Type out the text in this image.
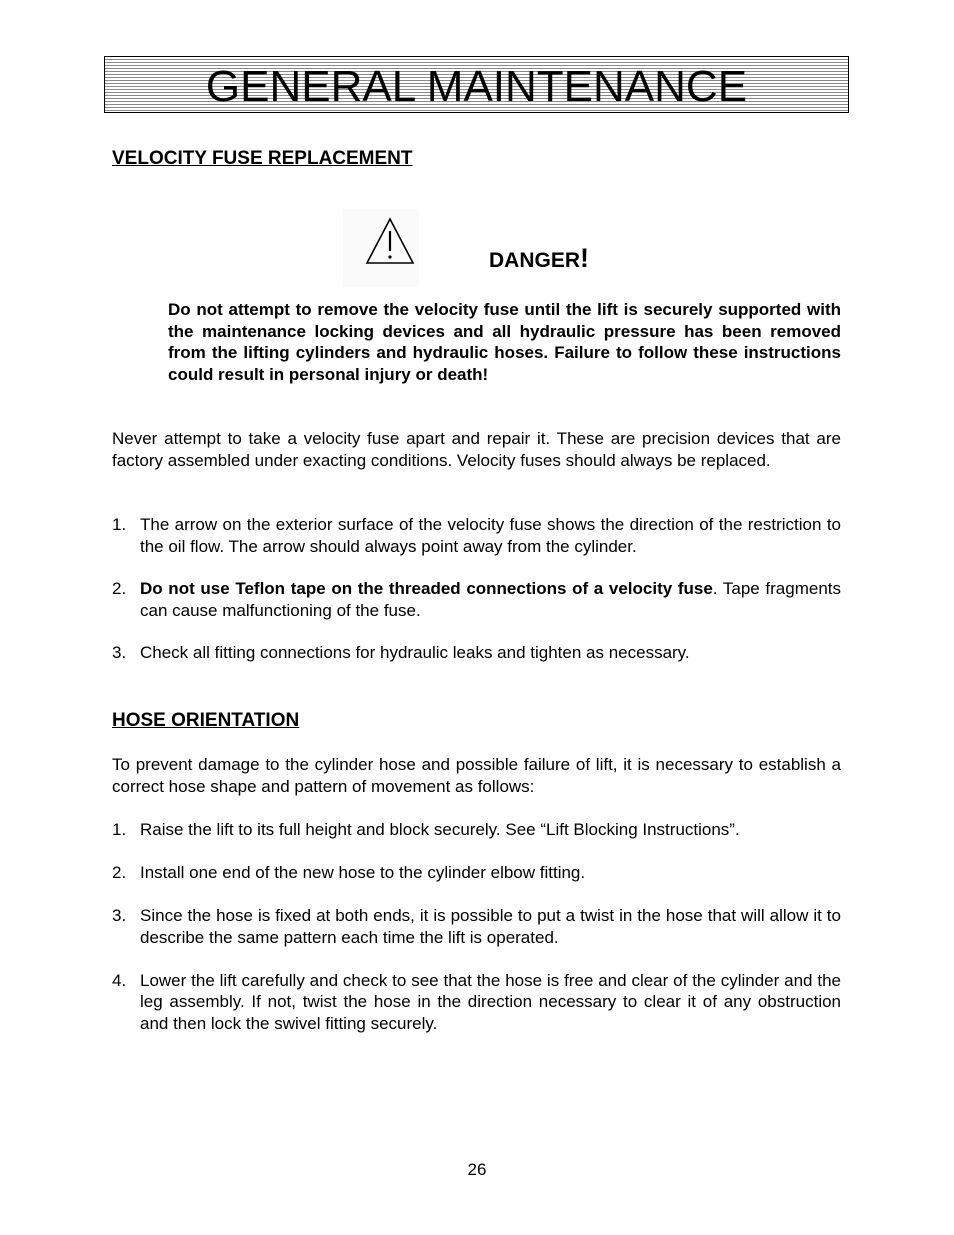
GENERAL MAINTENANCE
VELOCITY FUSE REPLACEMENT
DANGER!
Do not attempt to remove the velocity fuse until the lift is securely supported with the maintenance locking devices and all hydraulic pressure has been removed from the lifting cylinders and hydraulic hoses. Failure to follow these instructions could result in personal injury or death!
Never attempt to take a velocity fuse apart and repair it. These are precision devices that are factory assembled under exacting conditions. Velocity fuses should always be replaced.
1. The arrow on the exterior surface of the velocity fuse shows the direction of the restriction to the oil flow. The arrow should always point away from the cylinder.
2. Do not use Teflon tape on the threaded connections of a velocity fuse. Tape fragments can cause malfunctioning of the fuse.
3. Check all fitting connections for hydraulic leaks and tighten as necessary.
HOSE ORIENTATION
To prevent damage to the cylinder hose and possible failure of lift, it is necessary to establish a correct hose shape and pattern of movement as follows:
1. Raise the lift to its full height and block securely. See “Lift Blocking Instructions”.
2. Install one end of the new hose to the cylinder elbow fitting.
3. Since the hose is fixed at both ends, it is possible to put a twist in the hose that will allow it to describe the same pattern each time the lift is operated.
4. Lower the lift carefully and check to see that the hose is free and clear of the cylinder and the leg assembly. If not, twist the hose in the direction necessary to clear it of any obstruction and then lock the swivel fitting securely.
26
